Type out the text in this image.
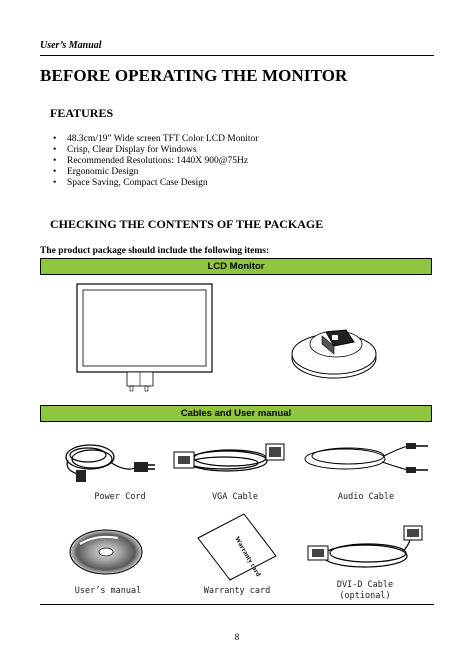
User’s Manual
BEFORE OPERATING THE MONITOR
FEATURES
• 48.3cm/19” Wide screen TFT Color LCD Monitor
• Crisp, Clear Display for Windows
• Recommended Resolutions: 1440X 900@75Hz
• Ergonomic Design
• Space Saving, Compact Case Design
CHECKING THE CONTENTS OF THE PACKAGE
The product package should include the following items:
LCD Monitor
Cables and User manual
Power Cord	VGA Cable	Audio Cable
User’s manual
Warranty card
Warranty card
DVI-D Cable
(optional)
8
